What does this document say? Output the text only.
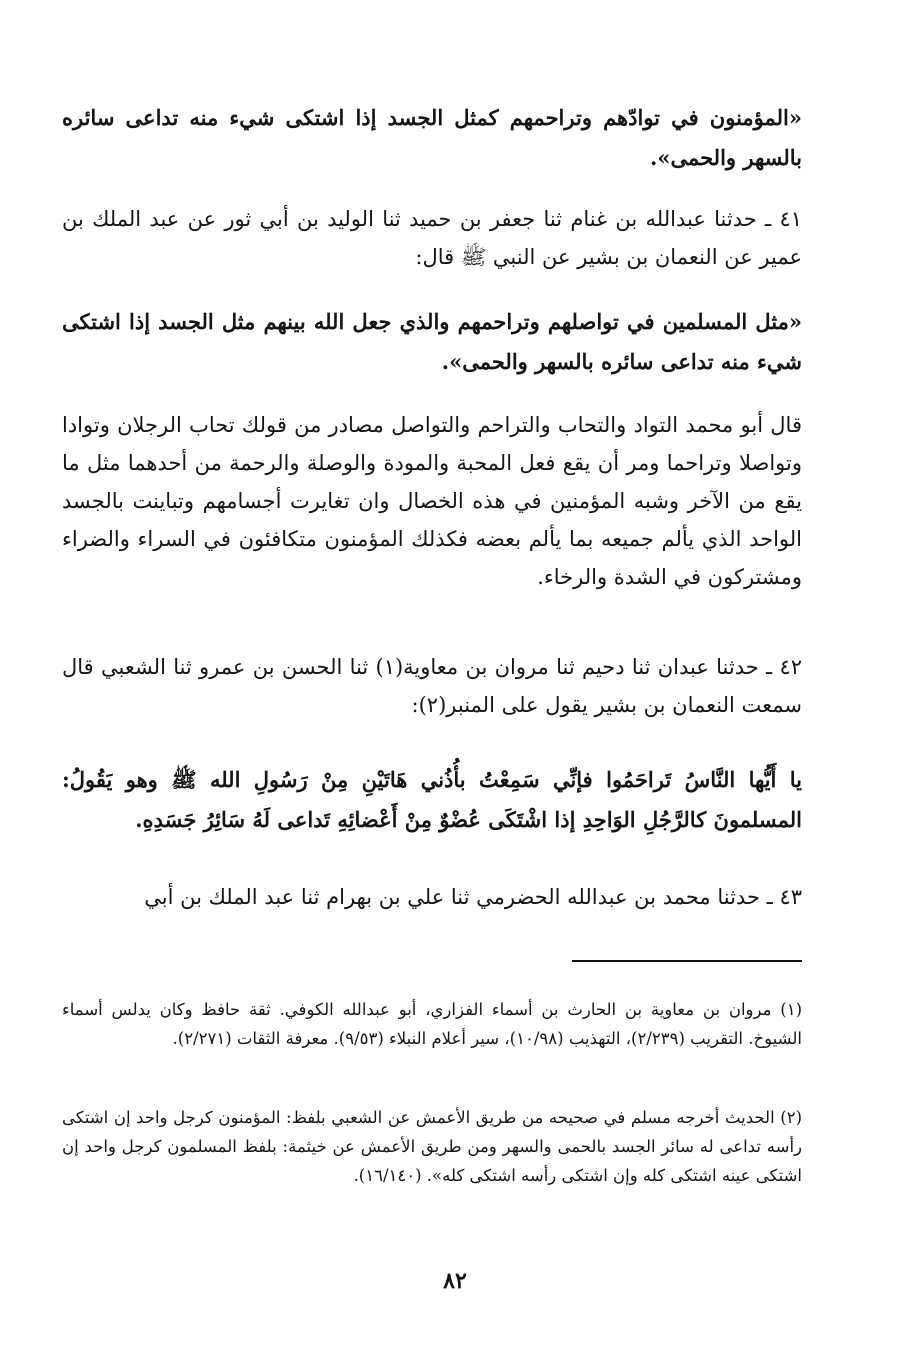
«المؤمنون في توادّهم وتراحمهم كمثل الجسد إذا اشتكى شيء منه تداعى سائره بالسهر والحمى».

٤١ ـ حدثنا عبدالله بن غنام ثنا جعفر بن حميد ثنا الوليد بن أبي ثور عن عبد الملك بن عمير عن النعمان بن بشير عن النبي ﷺ قال:

«مثل المسلمين في تواصلهم وتراحمهم والذي جعل الله بينهم مثل الجسد إذا اشتكى شيء منه تداعى سائره بالسهر والحمى».

قال أبو محمد التواد والتحاب والتراحم والتواصل مصادر من قولك تحاب الرجلان وتوادا وتواصلا وتراحما ومر أن يقع فعل المحبة والمودة والوصلة والرحمة من أحدهما مثل ما يقع من الآخر وشبه المؤمنين في هذه الخصال وان تغايرت أجسامهم وتباينت بالجسد الواحد الذي يألم جميعه بما يألم بعضه فكذلك المؤمنون متكافئون في السراء والضراء ومشتركون في الشدة والرخاء.

٤٢ ـ حدثنا عبدان ثنا دحيم ثنا مروان بن معاوية(١) ثنا الحسن بن عمرو ثنا الشعبي قال سمعت النعمان بن بشير يقول على المنبر(٢):

يا أَيُّها النَّاسُ تَراحَمُوا فإنِّي سَمِعْتُ بأُذُني هَاتَيْنِ مِنْ رَسُولِ الله ﷺ وهو يَقُولُ: المسلمونَ كالرَّجُلِ الوَاحِدِ إذا اشْتَكَى عُضْوٌ مِنْ أَعْضائِهِ تَداعى لَهُ سَائِرُ جَسَدِهِ.

٤٣ ـ حدثنا محمد بن عبدالله الحضرمي ثنا علي بن بهرام ثنا عبد الملك بن أبي

(١) مروان بن معاوية بن الحارث بن أسماء الفزاري، أبو عبدالله الكوفي. ثقة حافظ وكان يدلس أسماء الشيوخ. التقريب (٢/٢٣٩)، التهذيب (١٠/٩٨)، سير أعلام النبلاء (٩/٥٣). معرفة الثقات (٢/٢٧١).

(٢) الحديث أخرجه مسلم في صحيحه من طريق الأعمش عن الشعبي بلفظ: المؤمنون كرجل واحد إن اشتكى رأسه تداعى له سائر الجسد بالحمى والسهر ومن طريق الأعمش عن خيثمة: بلفظ المسلمون كرجل واحد إن اشتكى عينه اشتكى كله وإن اشتكى رأسه اشتكى كله». (١٦/١٤٠).

٨٢
